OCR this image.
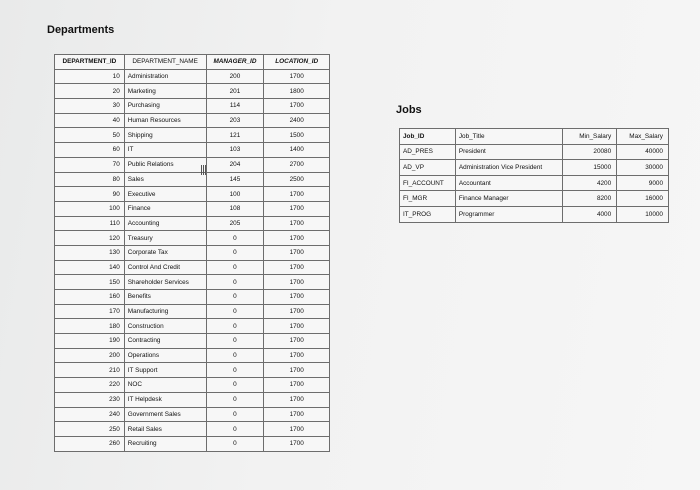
Departments
DEPARTMENT_ID	DEPARTMENT_NAME	MANAGER_ID	LOCATION_ID
10	Administration	200	1700
20	Marketing	201	1800
30	Purchasing	114	1700
40	Human Resources	203	2400
50	Shipping	121	1500
60	IT	103	1400
70	Public Relations	204	2700
80	Sales	145	2500
90	Executive	100	1700
100	Finance	108	1700
110	Accounting	205	1700
120	Treasury	0	1700
130	Corporate Tax	0	1700
140	Control And Credit	0	1700
150	Shareholder Services	0	1700
160	Benefits	0	1700
170	Manufacturing	0	1700
180	Construction	0	1700
190	Contracting	0	1700
200	Operations	0	1700
210	IT Support	0	1700
220	NOC	0	1700
230	IT Helpdesk	0	1700
240	Government Sales	0	1700
250	Retail Sales	0	1700
260	Recruiting	0	1700
Jobs
Job_ID	Job_Title	Min_Salary	Max_Salary
AD_PRES	President	20080	40000
AD_VP	Administration Vice President	15000	30000
FI_ACCOUNT	Accountant	4200	9000
FI_MGR	Finance Manager	8200	16000
IT_PROG	Programmer	4000	10000
